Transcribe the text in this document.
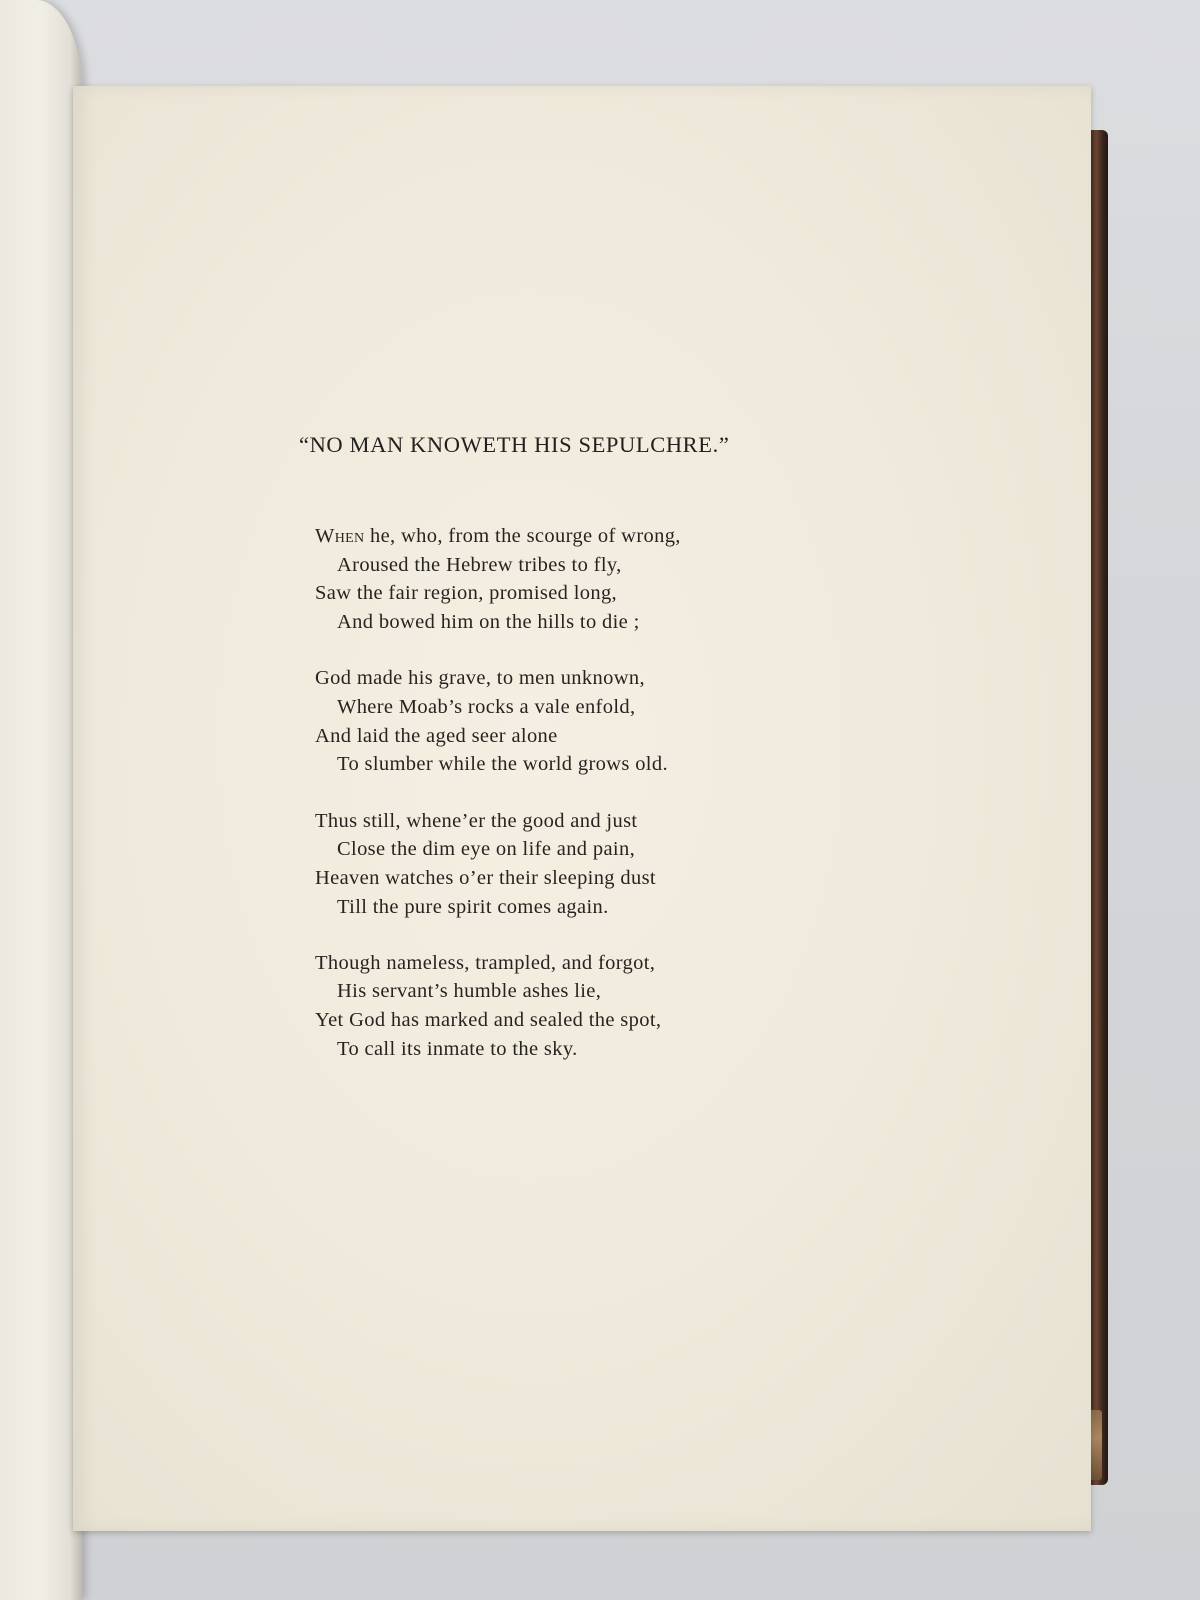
“NO MAN KNOWETH HIS SEPULCHRE.”
When he, who, from the scourge of wrong,
Aroused the Hebrew tribes to fly,
Saw the fair region, promised long,
And bowed him on the hills to die ;
God made his grave, to men unknown,
Where Moab’s rocks a vale enfold,
And laid the aged seer alone
To slumber while the world grows old.
Thus still, whene’er the good and just
Close the dim eye on life and pain,
Heaven watches o’er their sleeping dust
Till the pure spirit comes again.
Though nameless, trampled, and forgot,
His servant’s humble ashes lie,
Yet God has marked and sealed the spot,
To call its inmate to the sky.
